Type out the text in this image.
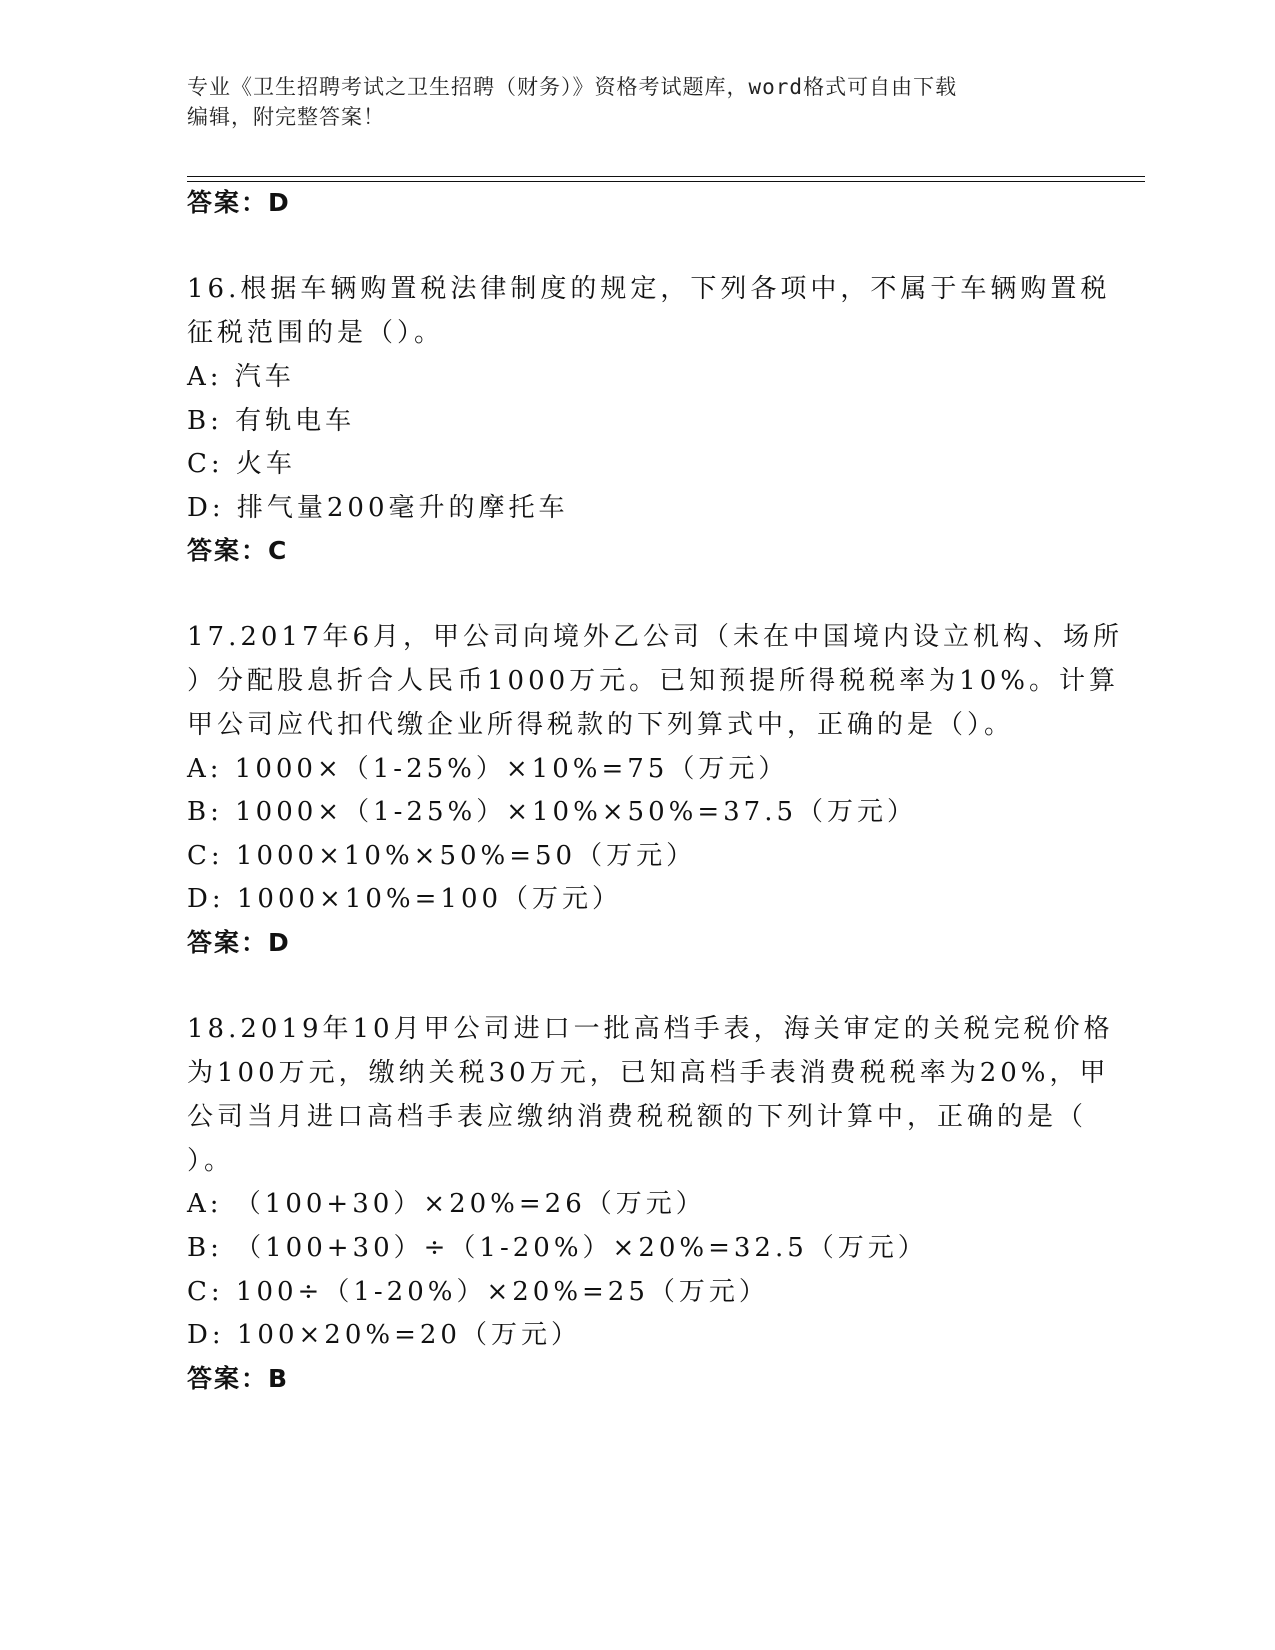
专业《卫生招聘考试之卫生招聘（财务）》资格考试题库，word格式可自由下载
编辑，附完整答案！
答案：D
16.根据车辆购置税法律制度的规定，下列各项中，不属于车辆购置税
征税范围的是（）。
A: 汽车
B: 有轨电车
C: 火车
D: 排气量200毫升的摩托车
答案：C
17.2017年6月，甲公司向境外乙公司（未在中国境内设立机构、场所
）分配股息折合人民币1000万元。已知预提所得税税率为10%。计算
甲公司应代扣代缴企业所得税款的下列算式中，正确的是（）。
A: 1000×（1-25%）×10%=75（万元）
B: 1000×（1-25%）×10%×50%=37.5（万元）
C: 1000×10%×50%=50（万元）
D: 1000×10%=100（万元）
答案：D
18.2019年10月甲公司进口一批高档手表，海关审定的关税完税价格
为100万元，缴纳关税30万元，已知高档手表消费税税率为20%，甲
公司当月进口高档手表应缴纳消费税税额的下列计算中，正确的是（
）。
A: （100+30）×20%=26（万元）
B: （100+30）÷（1-20%）×20%=32.5（万元）
C: 100÷（1-20%）×20%=25（万元）
D: 100×20%=20（万元）
答案：B
